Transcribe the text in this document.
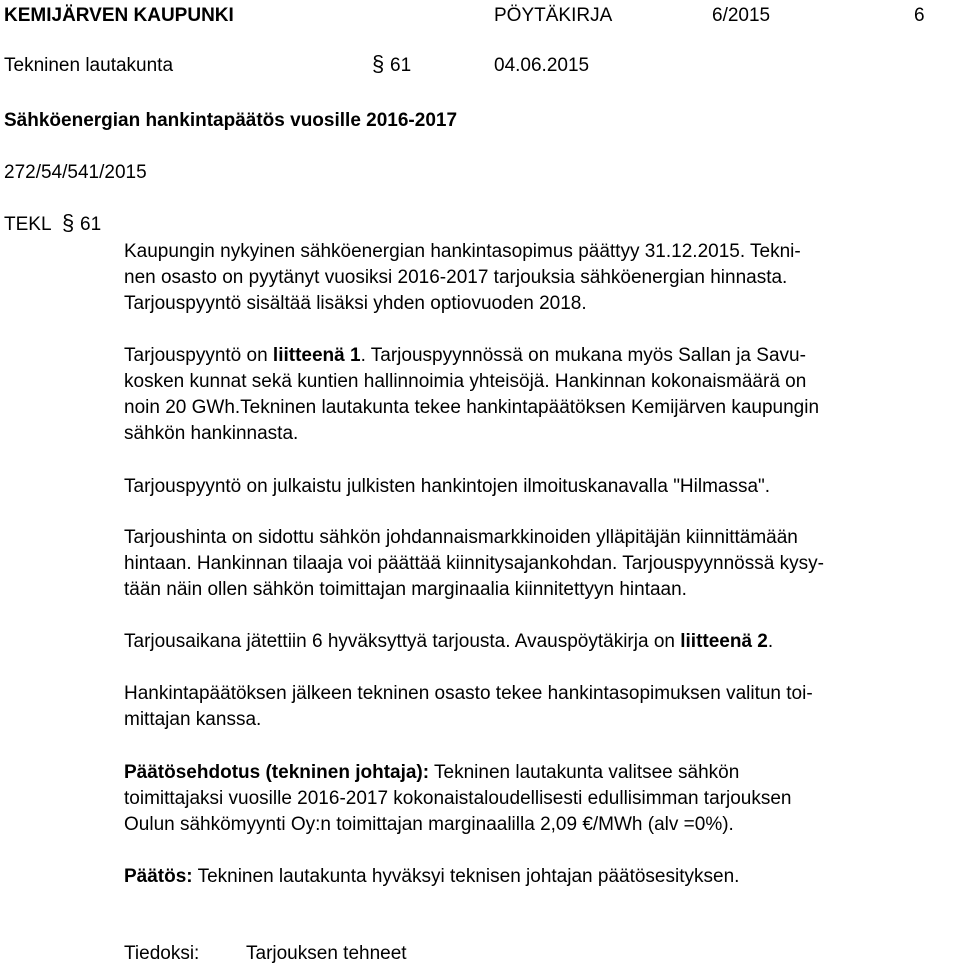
KEMIJÄRVEN KAUPUNKI	PÖYTÄKIRJA	6/2015	6
Tekninen lautakunta	§ 61	04.06.2015
Sähköenergian hankintapäätös vuosille 2016-2017
272/54/541/2015
TEKL § 61
Kaupungin nykyinen sähköenergian hankintasopimus päättyy 31.12.2015. Tekni-
nen osasto on pyytänyt vuosiksi 2016-2017 tarjouksia sähköenergian hinnasta.
Tarjouspyyntö sisältää lisäksi yhden optiovuoden 2018.
Tarjouspyyntö on liitteenä 1. Tarjouspyynnössä on mukana myös Sallan ja Savu-
kosken kunnat sekä kuntien hallinnoimia yhteisöjä. Hankinnan kokonaismäärä on
noin 20 GWh.Tekninen lautakunta tekee hankintapäätöksen Kemijärven kaupungin
sähkön hankinnasta.
Tarjouspyyntö on julkaistu julkisten hankintojen ilmoituskanavalla "Hilmassa".
Tarjoushinta on sidottu sähkön johdannaismarkkinoiden ylläpitäjän kiinnittämään
hintaan. Hankinnan tilaaja voi päättää kiinnitysajankohdan. Tarjouspyynnössä kysy-
tään näin ollen sähkön toimittajan marginaalia kiinnitettyyn hintaan.
Tarjousaikana jätettiin 6 hyväksyttyä tarjousta. Avauspöytäkirja on liitteenä 2.
Hankintapäätöksen jälkeen tekninen osasto tekee hankintasopimuksen valitun toi-
mittajan kanssa.
Päätösehdotus (tekninen johtaja): Tekninen lautakunta valitsee sähkön
toimittajaksi vuosille 2016-2017 kokonaistaloudellisesti edullisimman tarjouksen
Oulun sähkömyynti Oy:n toimittajan marginaalilla 2,09 €/MWh (alv =0%).
Päätös: Tekninen lautakunta hyväksyi teknisen johtajan päätösesityksen.
Tiedoksi: Tarjouksen tehneet
